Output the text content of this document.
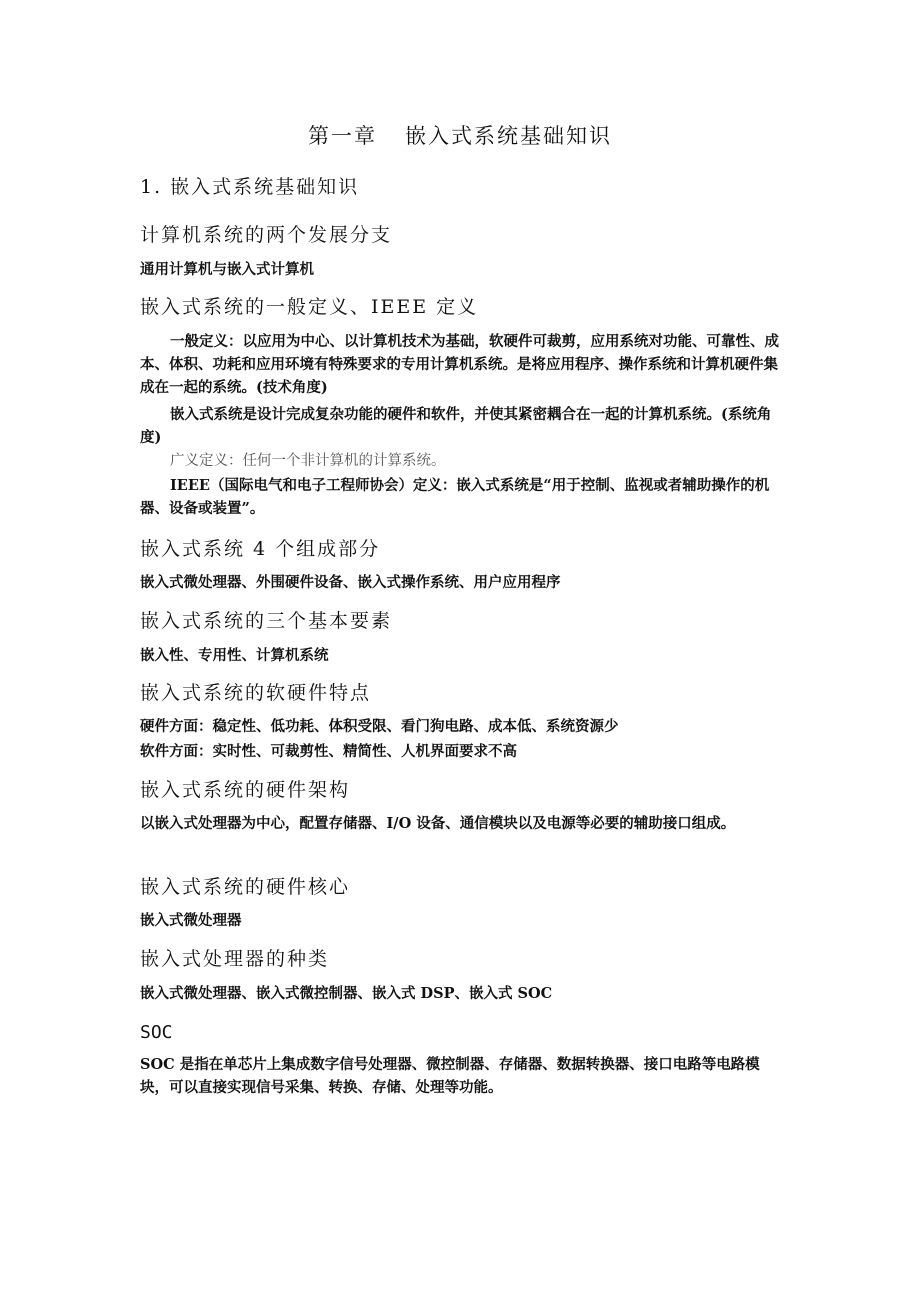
第一章 嵌入式系统基础知识
1. 嵌入式系统基础知识
计算机系统的两个发展分支
通用计算机与嵌入式计算机
嵌入式系统的一般定义、IEEE 定义
一般定义：以应用为中心、以计算机技术为基础，软硬件可裁剪，应用系统对功能、可靠性、成本、体积、功耗和应用环境有特殊要求的专用计算机系统。是将应用程序、操作系统和计算机硬件集成在一起的系统。(技术角度)
嵌入式系统是设计完成复杂功能的硬件和软件，并使其紧密耦合在一起的计算机系统。(系统角度)
广义定义：任何一个非计算机的计算系统。
IEEE（国际电气和电子工程师协会）定义：嵌入式系统是“用于控制、监视或者辅助操作的机器、设备或装置”。
嵌入式系统 4 个组成部分
嵌入式微处理器、外围硬件设备、嵌入式操作系统、用户应用程序
嵌入式系统的三个基本要素
嵌入性、专用性、计算机系统
嵌入式系统的软硬件特点
硬件方面：稳定性、低功耗、体积受限、看门狗电路、成本低、系统资源少
软件方面：实时性、可裁剪性、精简性、人机界面要求不高
嵌入式系统的硬件架构
以嵌入式处理器为中心，配置存储器、I/O 设备、通信模块以及电源等必要的辅助接口组成。
嵌入式系统的硬件核心
嵌入式微处理器
嵌入式处理器的种类
嵌入式微处理器、嵌入式微控制器、嵌入式 DSP、嵌入式 SOC
SOC
SOC 是指在单芯片上集成数字信号处理器、微控制器、存储器、数据转换器、接口电路等电路模块，可以直接实现信号采集、转换、存储、处理等功能。
